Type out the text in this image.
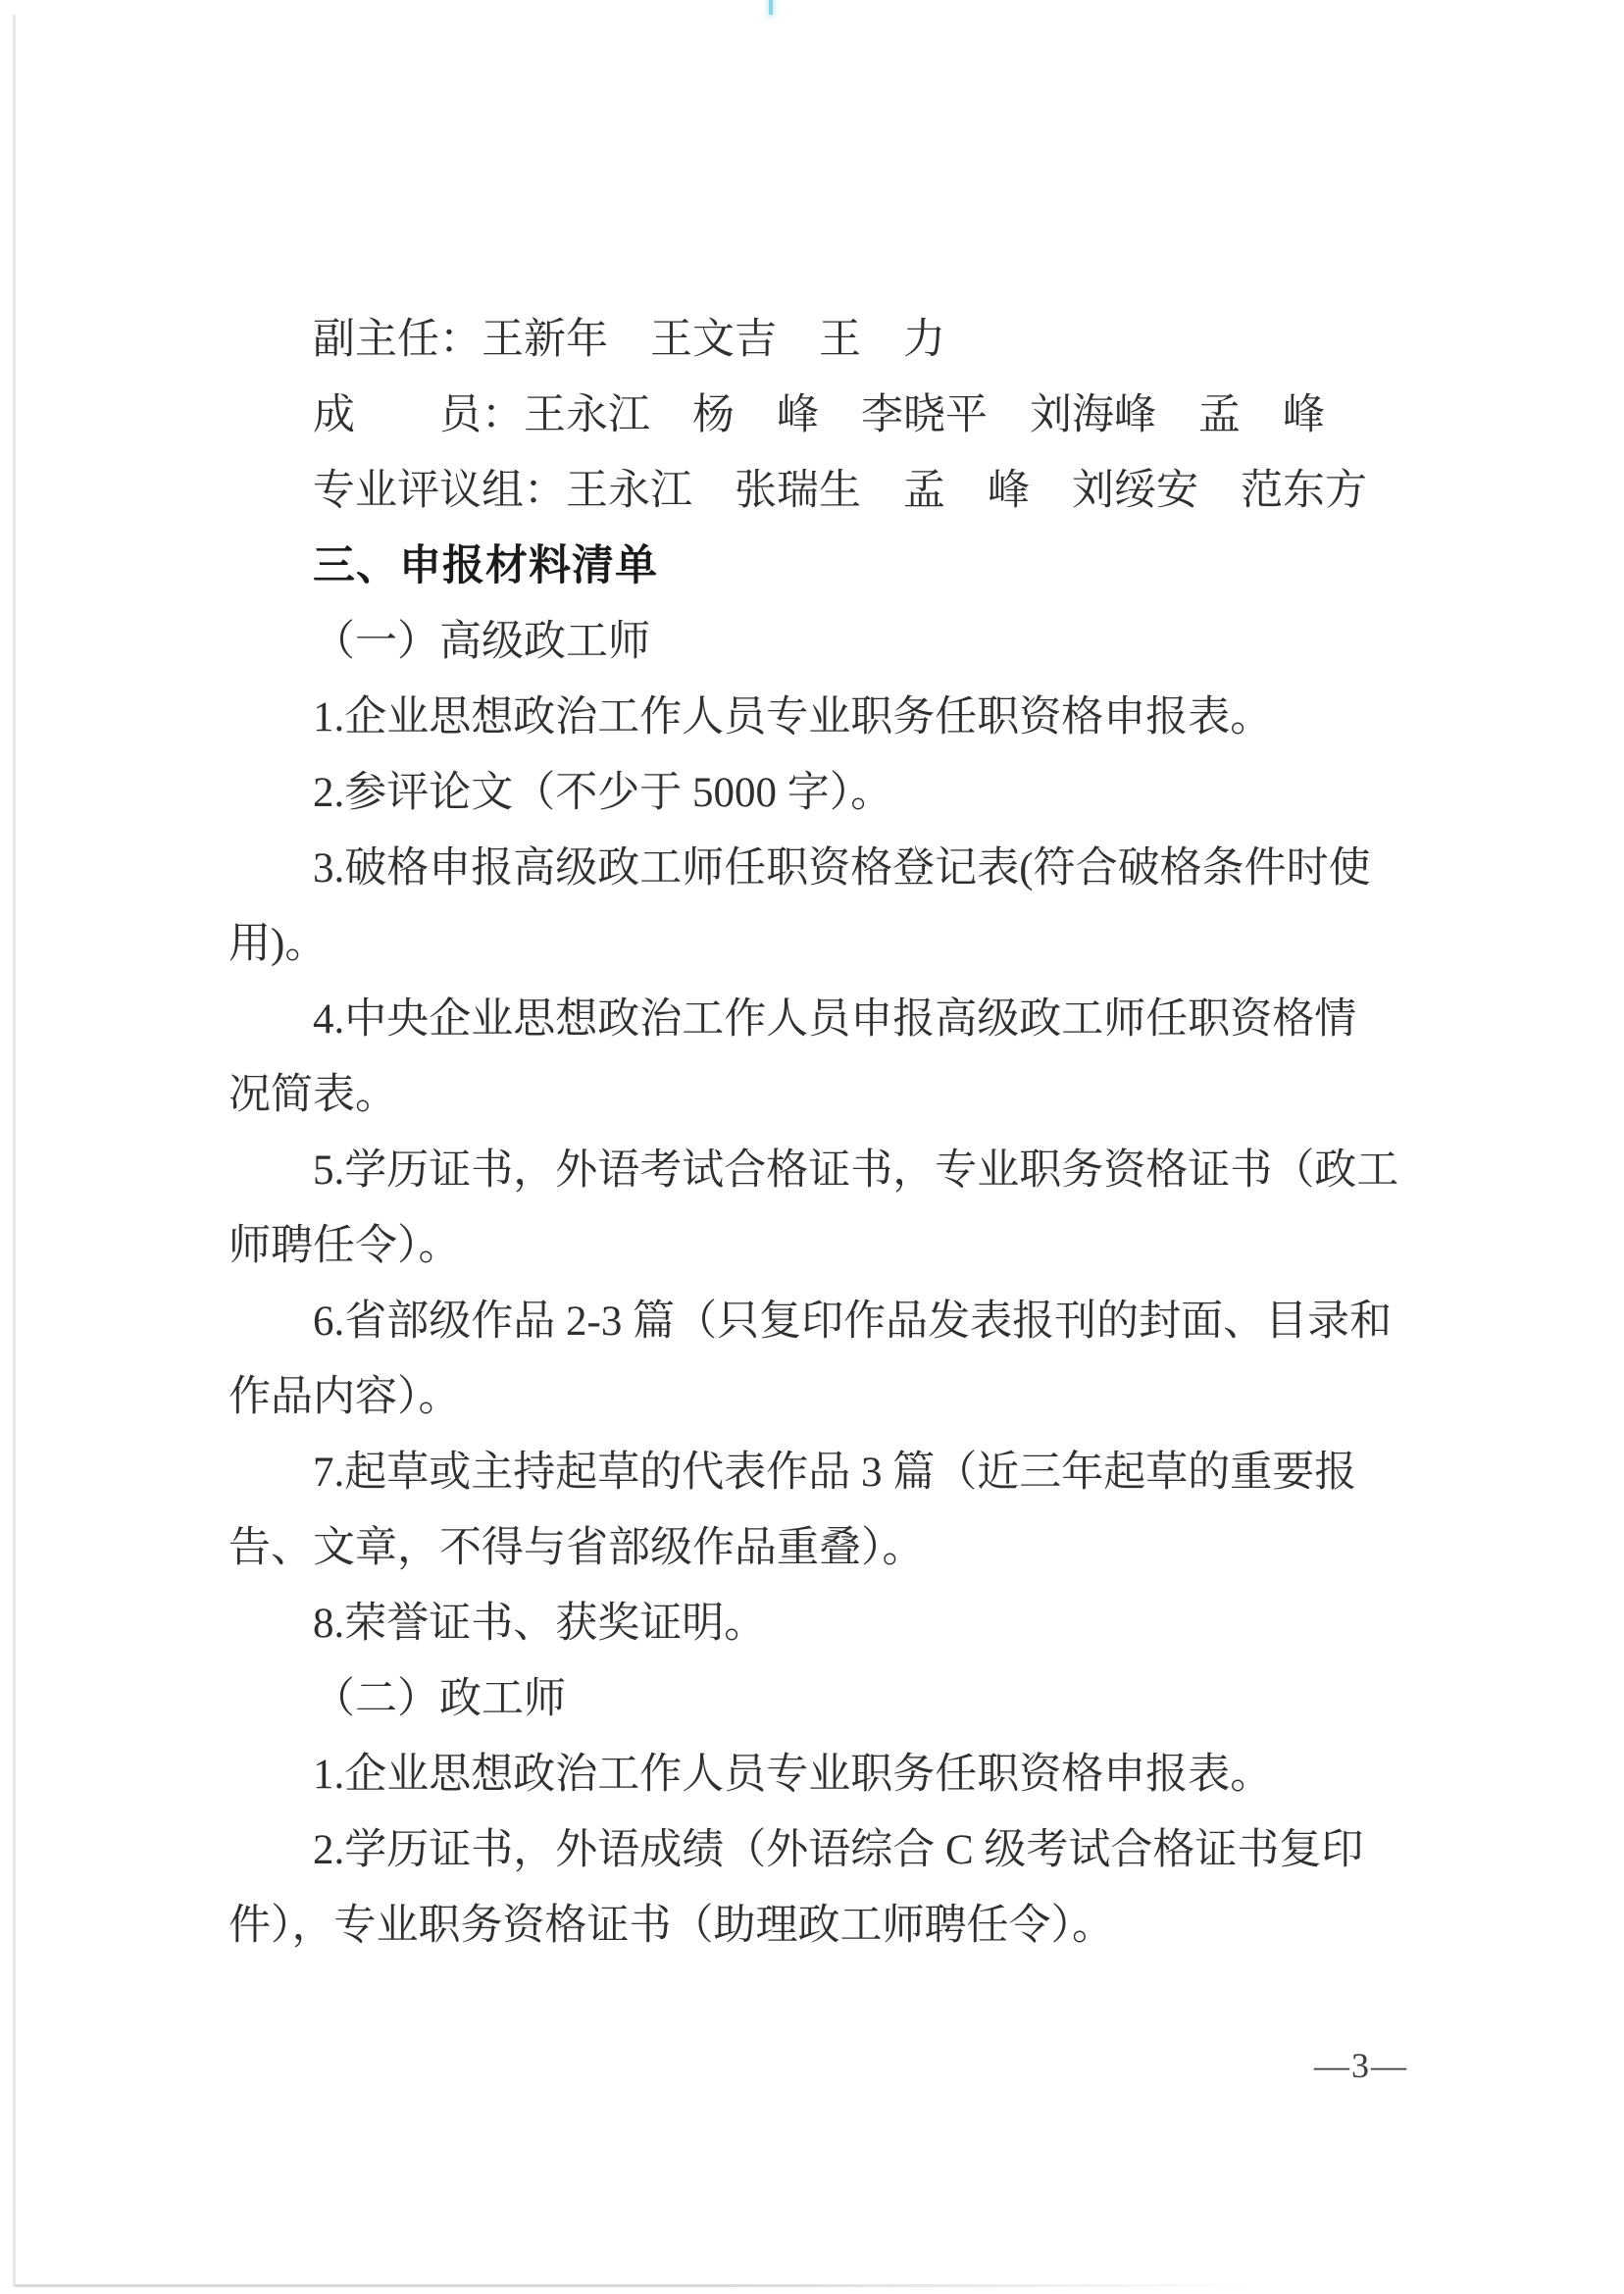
副主任：王新年　王文吉　王　力
成　　员：王永江　杨　峰　李晓平　刘海峰　孟　峰
专业评议组：王永江　张瑞生　孟　峰　刘绥安　范东方
三、申报材料清单
（一）高级政工师
1.企业思想政治工作人员专业职务任职资格申报表。
2.参评论文（不少于 5000 字）。
3.破格申报高级政工师任职资格登记表(符合破格条件时使
用)。
4.中央企业思想政治工作人员申报高级政工师任职资格情
况简表。
5.学历证书，外语考试合格证书，专业职务资格证书（政工
师聘任令）。
6.省部级作品 2-3 篇（只复印作品发表报刊的封面、目录和
作品内容）。
7.起草或主持起草的代表作品 3 篇（近三年起草的重要报
告、文章，不得与省部级作品重叠）。
8.荣誉证书、获奖证明。
（二）政工师
1.企业思想政治工作人员专业职务任职资格申报表。
2.学历证书，外语成绩（外语综合 C 级考试合格证书复印
件），专业职务资格证书（助理政工师聘任令）。
—3—
